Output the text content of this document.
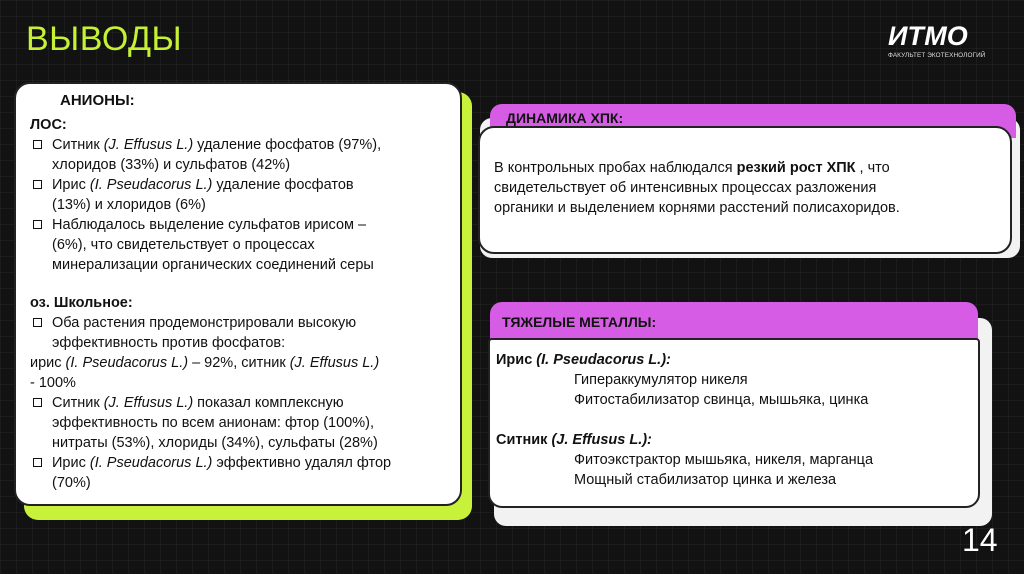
ВЫВОДЫ	ИТМО
ФАКУЛЬТЕТ ЭКОТЕХНОЛОГИЙ
АНИОНЫ:
ЛОС:
Ситник (J. Effusus L.) удаление фосфатов (97%),
хлоридов (33%) и сульфатов (42%)
Ирис (I. Pseudacorus L.) удаление фосфатов
(13%) и хлоридов (6%)
Наблюдалось выделение сульфатов ирисом –
(6%), что свидетельствует о процессах
минерализации органических соединений серы
оз. Школьное:
Оба растения продемонстрировали высокую
эффективность против фосфатов:
ирис (I. Pseudacorus L.) – 92%, ситник (J. Effusus L.)
- 100%
Ситник (J. Effusus L.) показал комплексную
эффективность по всем анионам: фтор (100%),
нитраты (53%), хлориды (34%), сульфаты (28%)
Ирис (I. Pseudacorus L.) эффективно удалял фтор
(70%)
ДИНАМИКА ХПК:
В контрольных пробах наблюдался резкий рост ХПК , что
свидетельствует об интенсивных процессах разложения
органики и выделением корнями расстений полисахоридов.
ТЯЖЕЛЫЕ МЕТАЛЛЫ:
Ирис (I. Pseudacorus L.):
Гипераккумулятор никеля
Фитостабилизатор свинца, мышьяка, цинка
Ситник (J. Effusus L.):
Фитоэкстрактор мышьяка, никеля, марганца
Мощный стабилизатор цинка и железа
14
